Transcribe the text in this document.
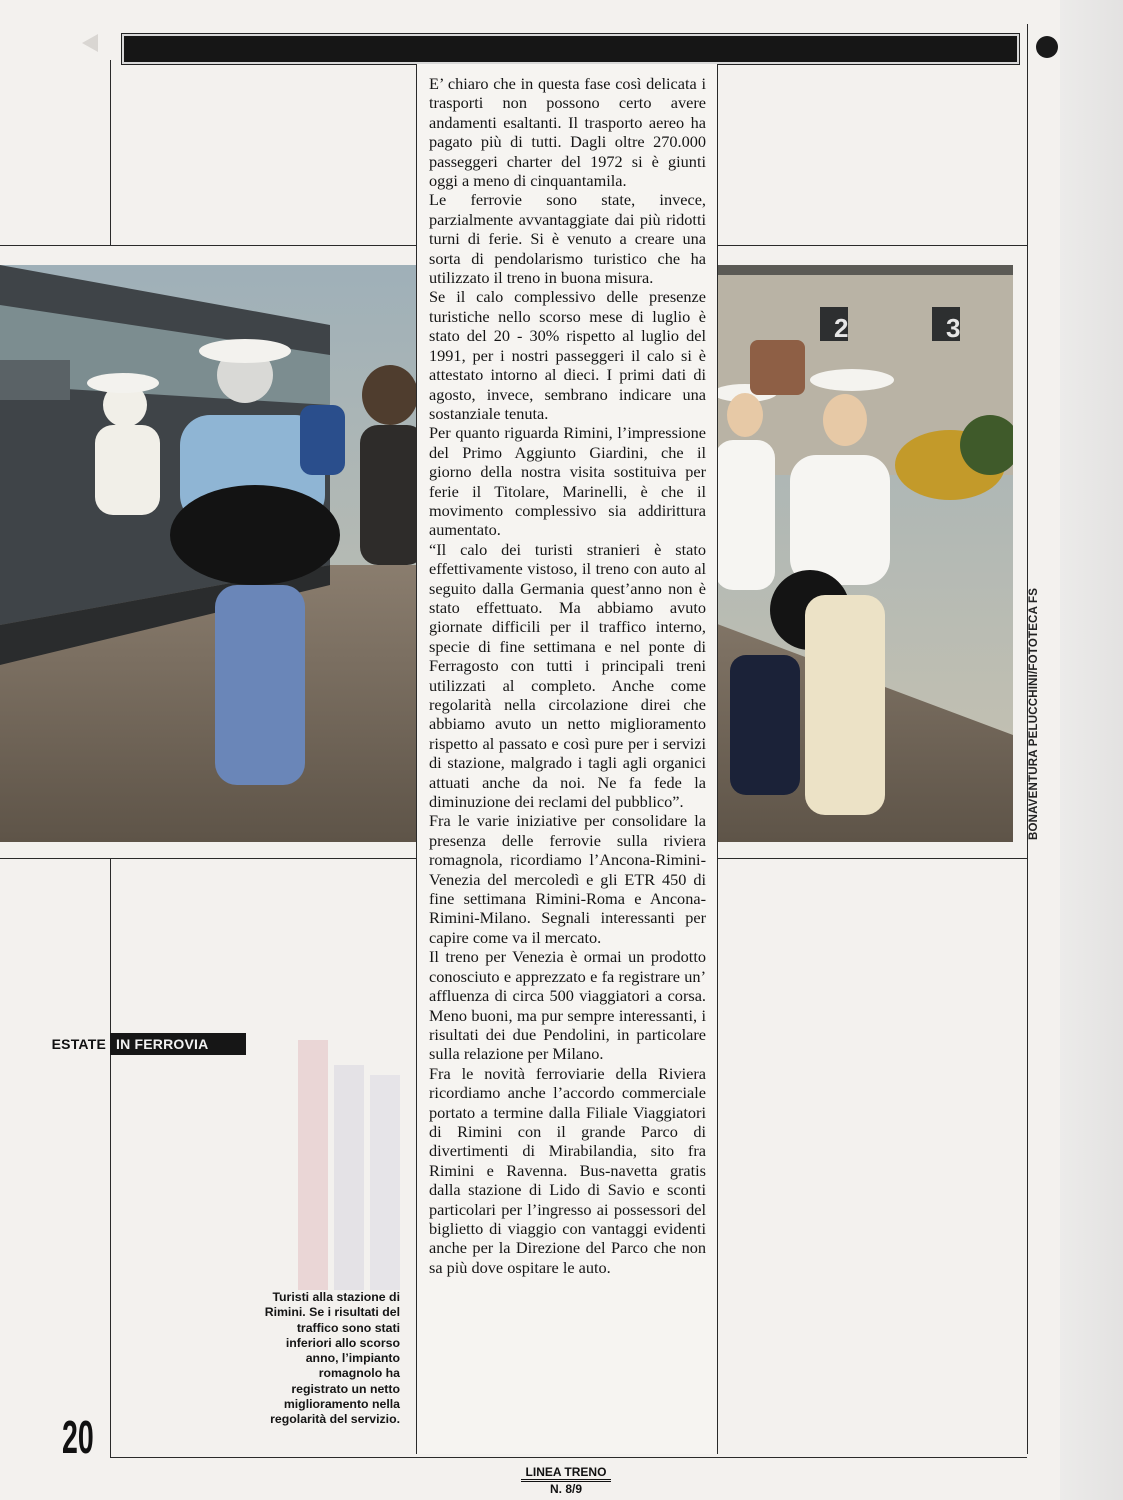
2	3
BONAVENTURA PELUCCHINI/FOTOTECA FS

E’ chiaro che in questa fase così delicata i trasporti non possono certo avere andamenti esaltanti. Il trasporto aereo ha pagato più di tutti. Dagli oltre 270.000 passeggeri charter del 1972 si è giunti oggi a meno di cinquantamila.

Le ferrovie sono state, invece, parzialmente avvantaggiate dai più ridotti turni di ferie. Si è venuto a creare una sorta di pendolarismo turistico che ha utilizzato il treno in buona misura.

Se il calo complessivo delle presenze turistiche nello scorso mese di luglio è stato del 20 - 30% rispetto al luglio del 1991, per i nostri passeggeri il calo si è attestato intorno al dieci. I primi dati di agosto, invece, sembrano indicare una sostanziale tenuta.

Per quanto riguarda Rimini, l’impressione del Primo Aggiunto Giardini, che il giorno della nostra visita sostituiva per ferie il Titolare, Marinelli, è che il movimento complessivo sia addirittura aumentato.

“Il calo dei turisti stranieri è stato effettivamente vistoso, il treno con auto al seguito dalla Germania quest’anno non è stato effettuato. Ma abbiamo avuto giornate difficili per il traffico interno, specie di fine settimana e nel ponte di Ferragosto con tutti i principali treni utilizzati al completo. Anche come regolarità nella circolazione direi che abbiamo avuto un netto miglioramento rispetto al passato e così pure per i servizi di stazione, malgrado i tagli agli organici attuati anche da noi. Ne fa fede la diminuzione dei reclami del pubblico”.

Fra le varie iniziative per consolidare la presenza delle ferrovie sulla riviera romagnola, ricordiamo l’Ancona-Rimini-Venezia del mercoledì e gli ETR 450 di fine settimana Rimini-Roma e Ancona-Rimini-Milano. Segnali interessanti per capire come va il mercato.

Il treno per Venezia è ormai un prodotto conosciuto e apprezzato e fa registrare un’ affluenza di circa 500 viaggiatori a corsa. Meno buoni, ma pur sempre interessanti, i risultati dei due Pendolini, in particolare sulla relazione per Milano.

Fra le novità ferroviarie della Riviera ricordiamo anche l’accordo commerciale portato a termine dalla Filiale Viaggiatori di Rimini con il grande Parco di divertimenti di Mirabilandia, sito fra Rimini e Ravenna. Bus-navetta gratis dalla stazione di Lido di Savio e sconti particolari per l’ingresso ai possessori del biglietto di viaggio con vantaggi evidenti anche per la Direzione del Parco che non sa più dove ospitare le auto.

ESTATE IN FERROVIA
Turisti alla stazione di Rimini. Se i risultati del traffico sono stati inferiori allo scorso anno, l’impianto romagnolo ha registrato un netto miglioramento nella regolarità del servizio.
20
LINEA TRENO
N. 8/9
